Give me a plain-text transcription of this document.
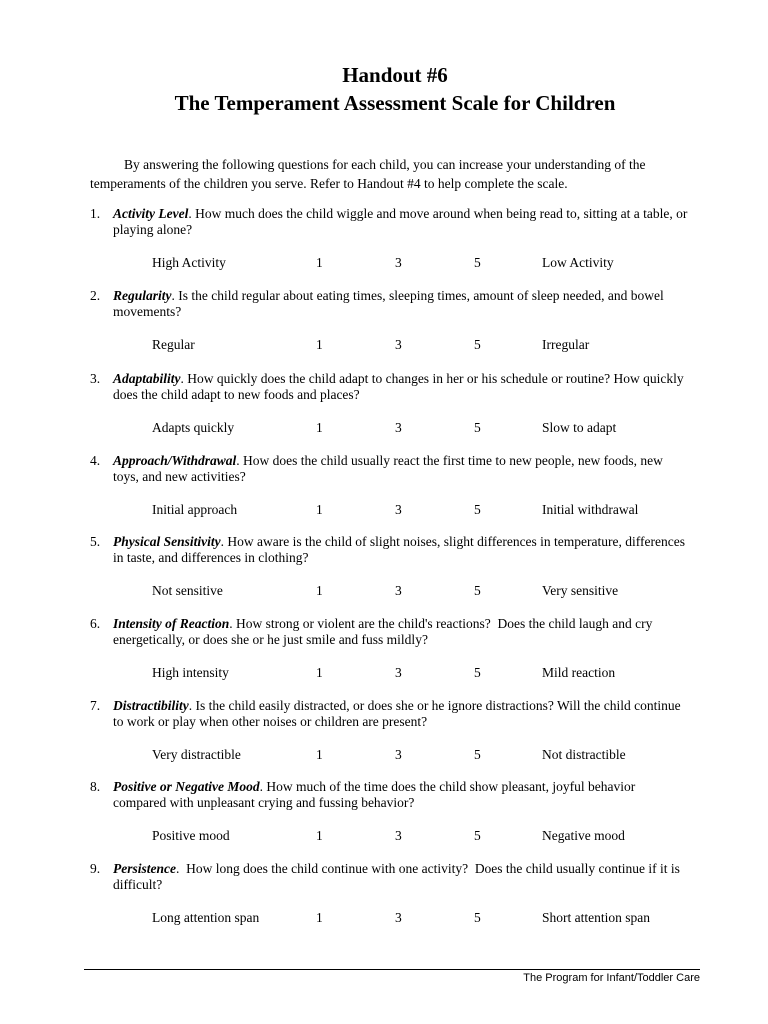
Handout #6
The Temperament Assessment Scale for Children
By answering the following questions for each child, you can increase your understanding of the
temperaments of the children you serve. Refer to Handout #4 to help complete the scale.
1. Activity Level. How much does the child wiggle and move around when being read to, sitting at a table, or
playing alone?
High Activity	1	3	5	Low Activity
2. Regularity. Is the child regular about eating times, sleeping times, amount of sleep needed, and bowel
movements?
Regular	1	3	5	Irregular
3. Adaptability. How quickly does the child adapt to changes in her or his schedule or routine? How quickly
does the child adapt to new foods and places?
Adapts quickly	1	3	5	Slow to adapt
4. Approach/Withdrawal. How does the child usually react the first time to new people, new foods, new
toys, and new activities?
Initial approach	1	3	5	Initial withdrawal
5. Physical Sensitivity. How aware is the child of slight noises, slight differences in temperature, differences
in taste, and differences in clothing?
Not sensitive	1	3	5	Very sensitive
6. Intensity of Reaction. How strong or violent are the child's reactions?  Does the child laugh and cry
energetically, or does she or he just smile and fuss mildly?
High intensity	1	3	5	Mild reaction
7. Distractibility. Is the child easily distracted, or does she or he ignore distractions? Will the child continue
to work or play when other noises or children are present?
Very distractible	1	3	5	Not distractible
8. Positive or Negative Mood. How much of the time does the child show pleasant, joyful behavior
compared with unpleasant crying and fussing behavior?
Positive mood	1	3	5	Negative mood
9. Persistence.  How long does the child continue with one activity?  Does the child usually continue if it is
difficult?
Long attention span	1	3	5	Short attention span
The Program for Infant/Toddler Care
